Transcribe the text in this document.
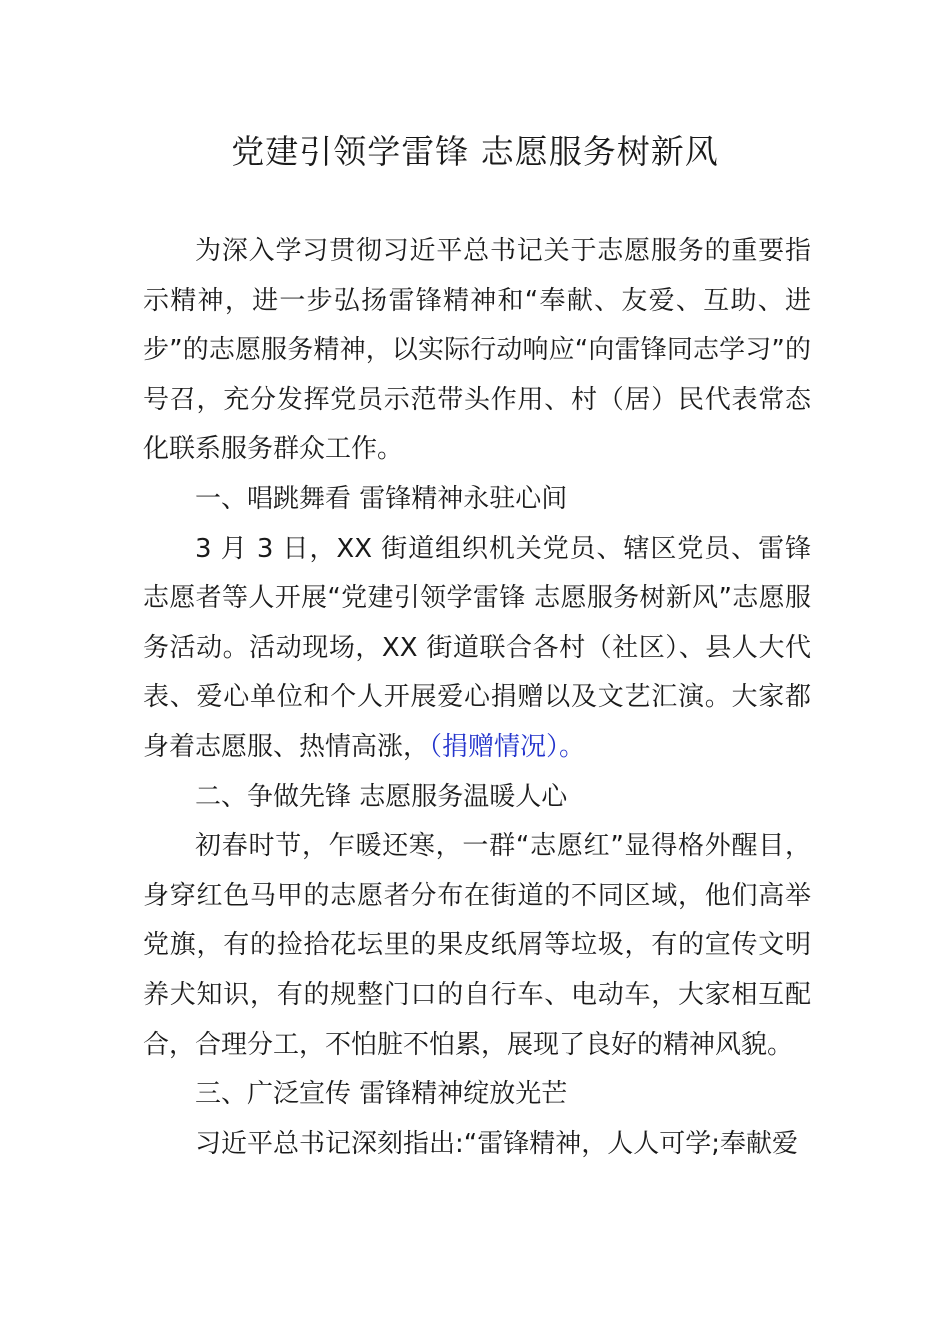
党建引领学雷锋 志愿服务树新风

为深入学习贯彻习近平总书记关于志愿服务的重要指示精神，进一步弘扬雷锋精神和“奉献、友爱、互助、进步”的志愿服务精神，以实际行动响应“向雷锋同志学习”的号召，充分发挥党员示范带头作用、村（居）民代表常态化联系服务群众工作。

一、唱跳舞看 雷锋精神永驻心间

3 月 3 日，XX 街道组织机关党员、辖区党员、雷锋志愿者等人开展“党建引领学雷锋 志愿服务树新风”志愿服务活动。活动现场，XX 街道联合各村（社区）、县人大代表、爱心单位和个人开展爱心捐赠以及文艺汇演。大家都身着志愿服、热情高涨，（捐赠情况）。

二、争做先锋 志愿服务温暖人心

初春时节，乍暖还寒，一群“志愿红”显得格外醒目，身穿红色马甲的志愿者分布在街道的不同区域，他们高举党旗，有的捡拾花坛里的果皮纸屑等垃圾，有的宣传文明养犬知识，有的规整门口的自行车、电动车，大家相互配合，合理分工，不怕脏不怕累，展现了良好的精神风貌。

三、广泛宣传 雷锋精神绽放光芒

习近平总书记深刻指出:“雷锋精神，人人可学;奉献爱
